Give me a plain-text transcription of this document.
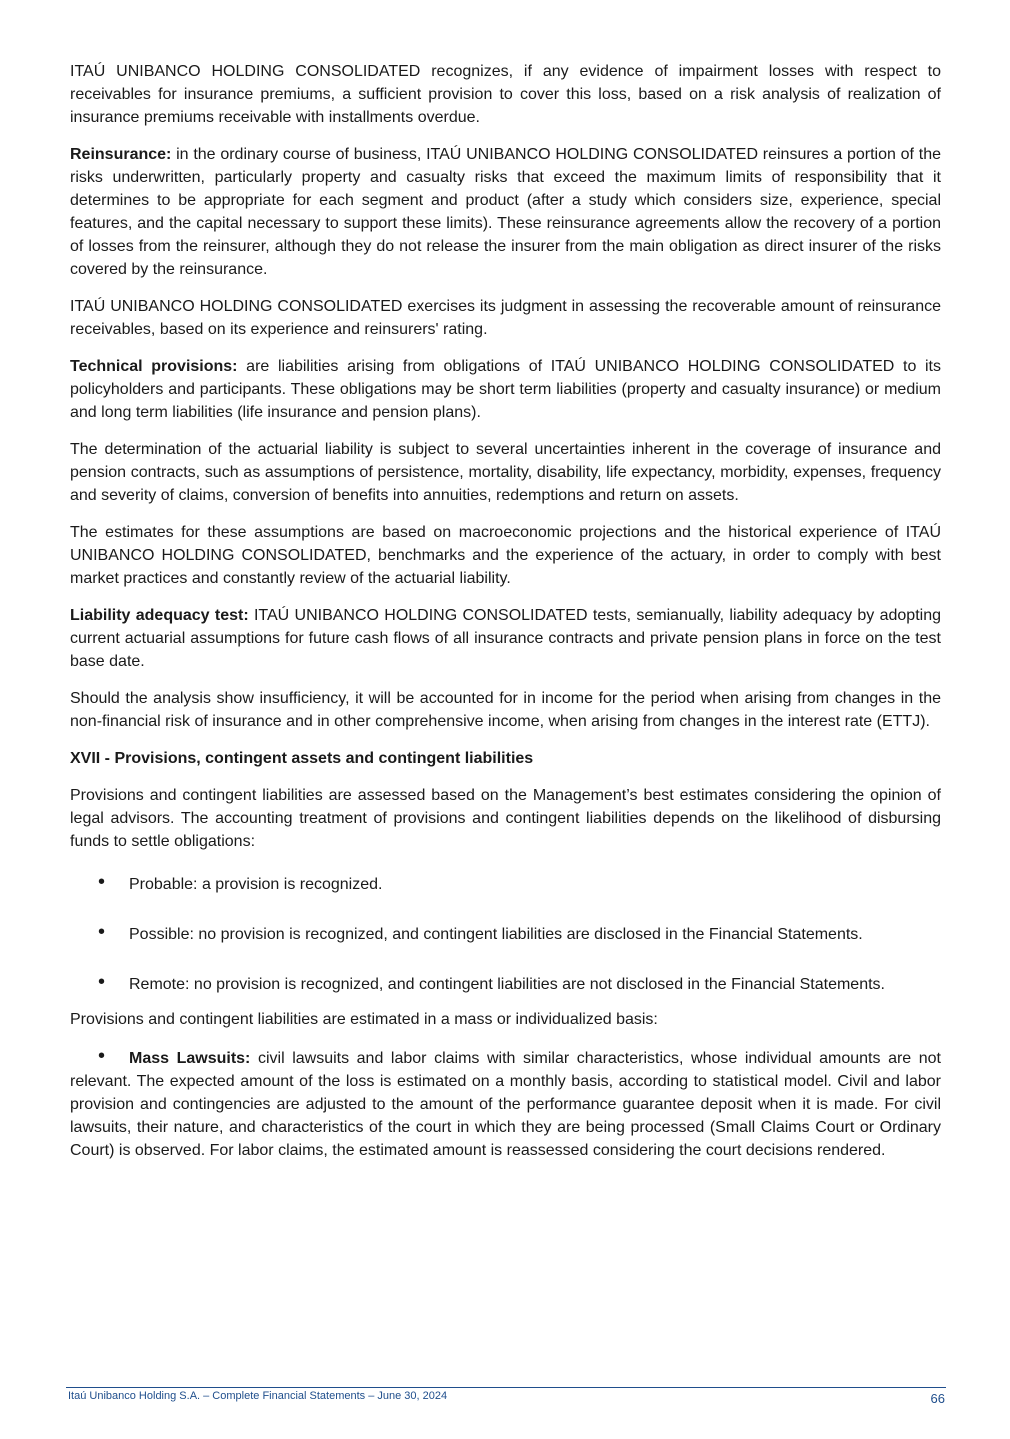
ITAÚ UNIBANCO HOLDING CONSOLIDATED recognizes, if any evidence of impairment losses with respect to receivables for insurance premiums, a sufficient provision to cover this loss, based on a risk analysis of realization of insurance premiums receivable with installments overdue.

Reinsurance: in the ordinary course of business, ITAÚ UNIBANCO HOLDING CONSOLIDATED reinsures a portion of the risks underwritten, particularly property and casualty risks that exceed the maximum limits of responsibility that it determines to be appropriate for each segment and product (after a study which considers size, experience, special features, and the capital necessary to support these limits). These reinsurance agreements allow the recovery of a portion of losses from the reinsurer, although they do not release the insurer from the main obligation as direct insurer of the risks covered by the reinsurance.

ITAÚ UNIBANCO HOLDING CONSOLIDATED exercises its judgment in assessing the recoverable amount of reinsurance receivables, based on its experience and reinsurers' rating.

Technical provisions: are liabilities arising from obligations of ITAÚ UNIBANCO HOLDING CONSOLIDATED to its policyholders and participants. These obligations may be short term liabilities (property and casualty insurance) or medium and long term liabilities (life insurance and pension plans).

The determination of the actuarial liability is subject to several uncertainties inherent in the coverage of insurance and pension contracts, such as assumptions of persistence, mortality, disability, life expectancy, morbidity, expenses, frequency and severity of claims, conversion of benefits into annuities, redemptions and return on assets.

The estimates for these assumptions are based on macroeconomic projections and the historical experience of ITAÚ UNIBANCO HOLDING CONSOLIDATED, benchmarks and the experience of the actuary, in order to comply with best market practices and constantly review of the actuarial liability.

Liability adequacy test: ITAÚ UNIBANCO HOLDING CONSOLIDATED tests, semianually, liability adequacy by adopting current actuarial assumptions for future cash flows of all insurance contracts and private pension plans in force on the test base date.

Should the analysis show insufficiency, it will be accounted for in income for the period when arising from changes in the non-financial risk of insurance and in other comprehensive income, when arising from changes in the interest rate (ETTJ).

XVII - Provisions, contingent assets and contingent liabilities

Provisions and contingent liabilities are assessed based on the Management’s best estimates considering the opinion of legal advisors. The accounting treatment of provisions and contingent liabilities depends on the likelihood of disbursing funds to settle obligations:

• Probable: a provision is recognized.
• Possible: no provision is recognized, and contingent liabilities are disclosed in the Financial Statements.
• Remote: no provision is recognized, and contingent liabilities are not disclosed in the Financial Statements.

Provisions and contingent liabilities are estimated in a mass or individualized basis:

• Mass Lawsuits: civil lawsuits and labor claims with similar characteristics, whose individual amounts are not relevant. The expected amount of the loss is estimated on a monthly basis, according to statistical model. Civil and labor provision and contingencies are adjusted to the amount of the performance guarantee deposit when it is made. For civil lawsuits, their nature, and characteristics of the court in which they are being processed (Small Claims Court or Ordinary Court) is observed. For labor claims, the estimated amount is reassessed considering the court decisions rendered.
Itaú Unibanco Holding S.A. – Complete Financial Statements – June 30, 2024	66
